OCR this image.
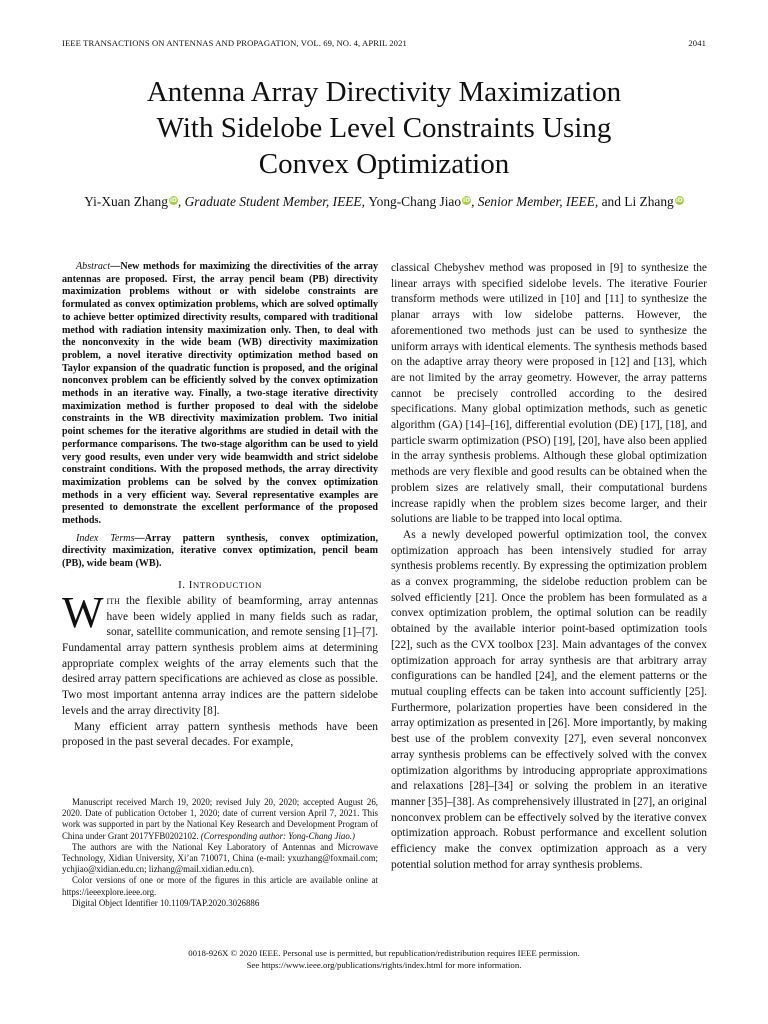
IEEE TRANSACTIONS ON ANTENNAS AND PROPAGATION, VOL. 69, NO. 4, APRIL 2021	2041
Antenna Array Directivity Maximization
With Sidelobe Level Constraints Using
Convex Optimization
Yi-Xuan Zhang iD, Graduate Student Member, IEEE, Yong-Chang Jiao iD, Senior Member, IEEE, and Li Zhang iD

Abstract—New methods for maximizing the directivities of the array antennas are proposed. First, the array pencil beam (PB) directivity maximization problems without or with sidelobe constraints are formulated as convex optimization problems, which are solved optimally to achieve better optimized directivity results, compared with traditional method with radiation intensity maximization only. Then, to deal with the nonconvexity in the wide beam (WB) directivity maximization problem, a novel iterative directivity optimization method based on Taylor expansion of the quadratic function is proposed, and the original nonconvex problem can be efficiently solved by the convex optimization methods in an iterative way. Finally, a two-stage iterative directivity maximization method is further proposed to deal with the sidelobe constraints in the WB directivity maximization problem. Two initial point schemes for the iterative algorithms are studied in detail with the performance comparisons. The two-stage algorithm can be used to yield very good results, even under very wide beamwidth and strict sidelobe constraint conditions. With the proposed methods, the array directivity maximization problems can be solved by the convex optimization methods in a very efficient way. Several representative examples are presented to demonstrate the excellent performance of the proposed methods.

Index Terms—Array pattern synthesis, convex optimization, directivity maximization, iterative convex optimization, pencil beam (PB), wide beam (WB).

I. INTRODUCTION

With the flexible ability of beamforming, array antennas have been widely applied in many fields such as radar, sonar, satellite communication, and remote sensing [1]–[7]. Fundamental array pattern synthesis problem aims at determining appropriate complex weights of the array elements such that the desired array pattern specifications are achieved as close as possible. Two most important antenna array indices are the pattern sidelobe levels and the array directivity [8].

Many efficient array pattern synthesis methods have been proposed in the past several decades. For example,

classical Chebyshev method was proposed in [9] to synthesize the linear arrays with specified sidelobe levels. The iterative Fourier transform methods were utilized in [10] and [11] to synthesize the planar arrays with low sidelobe patterns. However, the aforementioned two methods just can be used to synthesize the uniform arrays with identical elements. The synthesis methods based on the adaptive array theory were proposed in [12] and [13], which are not limited by the array geometry. However, the array patterns cannot be precisely controlled according to the desired specifications. Many global optimization methods, such as genetic algorithm (GA) [14]–[16], differential evolution (DE) [17], [18], and particle swarm optimization (PSO) [19], [20], have also been applied in the array synthesis problems. Although these global optimization methods are very flexible and good results can be obtained when the problem sizes are relatively small, their computational burdens increase rapidly when the problem sizes become larger, and their solutions are liable to be trapped into local optima.

As a newly developed powerful optimization tool, the convex optimization approach has been intensively studied for array synthesis problems recently. By expressing the optimization problem as a convex programming, the sidelobe reduction problem can be solved efficiently [21]. Once the problem has been formulated as a convex optimization problem, the optimal solution can be readily obtained by the available interior point-based optimization tools [22], such as the CVX toolbox [23]. Main advantages of the convex optimization approach for array synthesis are that arbitrary array configurations can be handled [24], and the element patterns or the mutual coupling effects can be taken into account sufficiently [25]. Furthermore, polarization properties have been considered in the array optimization as presented in [26]. More importantly, by making best use of the problem convexity [27], even several nonconvex array synthesis problems can be effectively solved with the convex optimization algorithms by introducing appropriate approximations and relaxations [28]–[34] or solving the problem in an iterative manner [35]–[38]. As comprehensively illustrated in [27], an original nonconvex problem can be effectively solved by the iterative convex optimization approach. Robust performance and excellent solution efficiency make the convex optimization approach as a very potential solution method for array synthesis problems.

Manuscript received March 19, 2020; revised July 20, 2020; accepted August 26, 2020. Date of publication October 1, 2020; date of current version April 7, 2021. This work was supported in part by the National Key Research and Development Program of China under Grant 2017YFB0202102. (Corresponding author: Yong-Chang Jiao.)

The authors are with the National Key Laboratory of Antennas and Microwave Technology, Xidian University, Xi’an 710071, China (e-mail: yxuzhang@foxmail.com; ychjiao@xidian.edu.cn; lizhang@mail.xidian.edu.cn).

Color versions of one or more of the figures in this article are available online at https://ieeexplore.ieee.org.

Digital Object Identifier 10.1109/TAP.2020.3026886

0018-926X © 2020 IEEE. Personal use is permitted, but republication/redistribution requires IEEE permission.
See https://www.ieee.org/publications/rights/index.html for more information.
